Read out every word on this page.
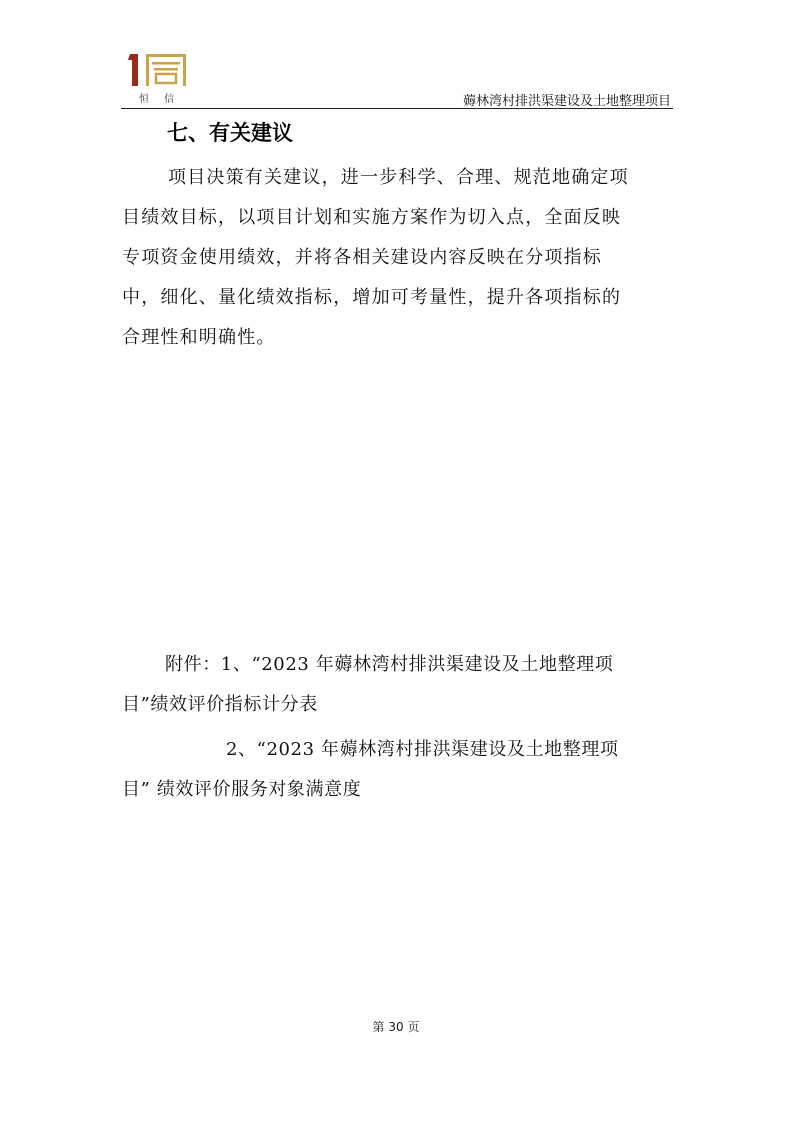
恒 信	薅林湾村排洪渠建设及土地整理项目
七、有关建议
项目决策有关建议，进一步科学、合理、规范地确定项
目绩效目标，以项目计划和实施方案作为切入点，全面反映
专项资金使用绩效，并将各相关建设内容反映在分项指标
中，细化、量化绩效指标，增加可考量性，提升各项指标的
合理性和明确性。
附件：1、“2023 年薅林湾村排洪渠建设及土地整理项
目”绩效评价指标计分表
2、“2023 年薅林湾村排洪渠建设及土地整理项
目” 绩效评价服务对象满意度
第 30 页
